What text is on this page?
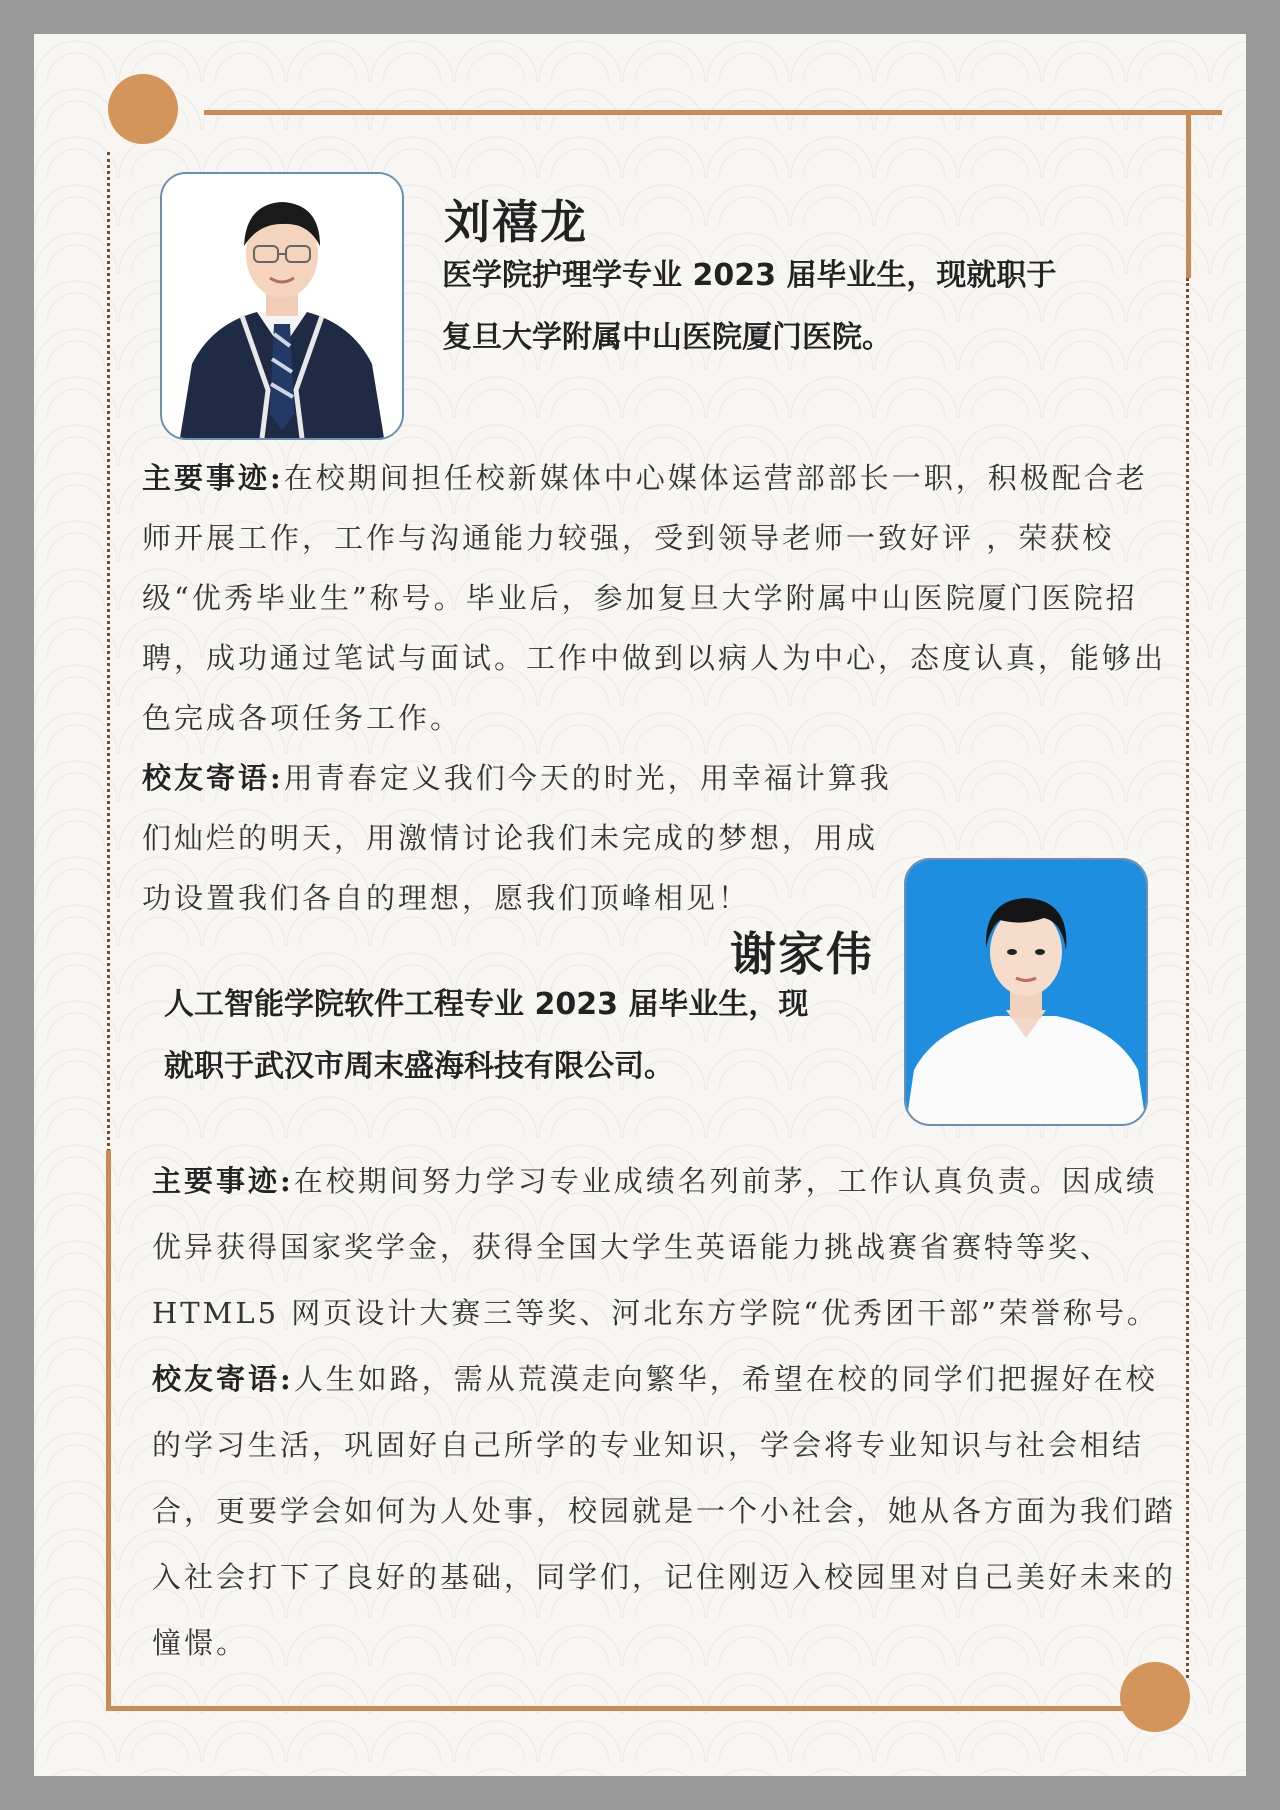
刘禧龙
医学院护理学专业 2023 届毕业生，现就职于
复旦大学附属中山医院厦门医院。

主要事迹:在校期间担任校新媒体中心媒体运营部部长一职，积极配合老师开展工作，工作与沟通能力较强，受到领导老师一致好评 ，荣获校级“优秀毕业生”称号。毕业后，参加复旦大学附属中山医院厦门医院招聘，成功通过笔试与面试。工作中做到以病人为中心，态度认真，能够出色完成各项任务工作。

校友寄语:用青春定义我们今天的时光，用幸福计算我们灿烂的明天，用激情讨论我们未完成的梦想，用成功设置我们各自的理想，愿我们顶峰相见！

谢家伟
人工智能学院软件工程专业 2023 届毕业生，现
就职于武汉市周末盛海科技有限公司。

主要事迹:在校期间努力学习专业成绩名列前茅，工作认真负责。因成绩优异获得国家奖学金，获得全国大学生英语能力挑战赛省赛特等奖、HTML5 网页设计大赛三等奖、河北东方学院“优秀团干部”荣誉称号。

校友寄语:人生如路，需从荒漠走向繁华，希望在校的同学们把握好在校的学习生活，巩固好自己所学的专业知识，学会将专业知识与社会相结合，更要学会如何为人处事，校园就是一个小社会，她从各方面为我们踏入社会打下了良好的基础，同学们，记住刚迈入校园里对自己美好未来的憧憬。
